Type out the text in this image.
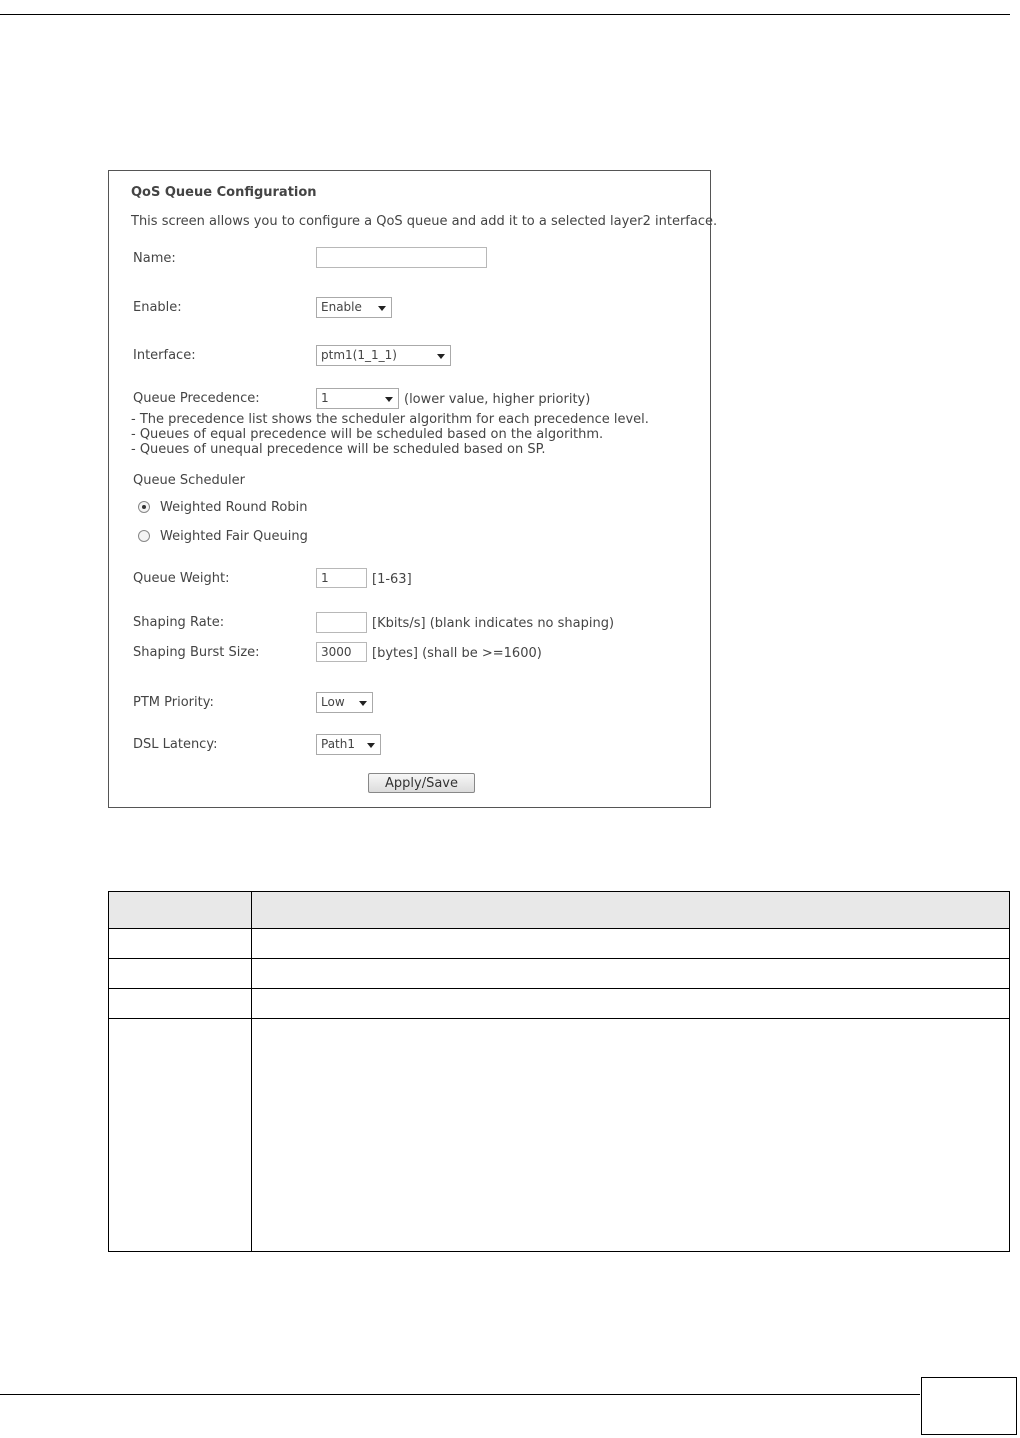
QoS Queue Configuration
This screen allows you to configure a QoS queue and add it to a selected layer2 interface.
Name:
Enable:	Enable
Interface:	ptm1(1_1_1)
Queue Precedence:	1	(lower value, higher priority)
- The precedence list shows the scheduler algorithm for each precedence level.
- Queues of equal precedence will be scheduled based on the algorithm.
- Queues of unequal precedence will be scheduled based on SP.
Queue Scheduler
Weighted Round Robin
Weighted Fair Queuing
Queue Weight:
1	[1-63]
Shaping Rate:	[Kbits/s] (blank indicates no shaping)
Shaping Burst Size:
3000	[bytes] (shall be >=1600)
PTM Priority:	Low
DSL Latency:	Path1
Apply/Save
